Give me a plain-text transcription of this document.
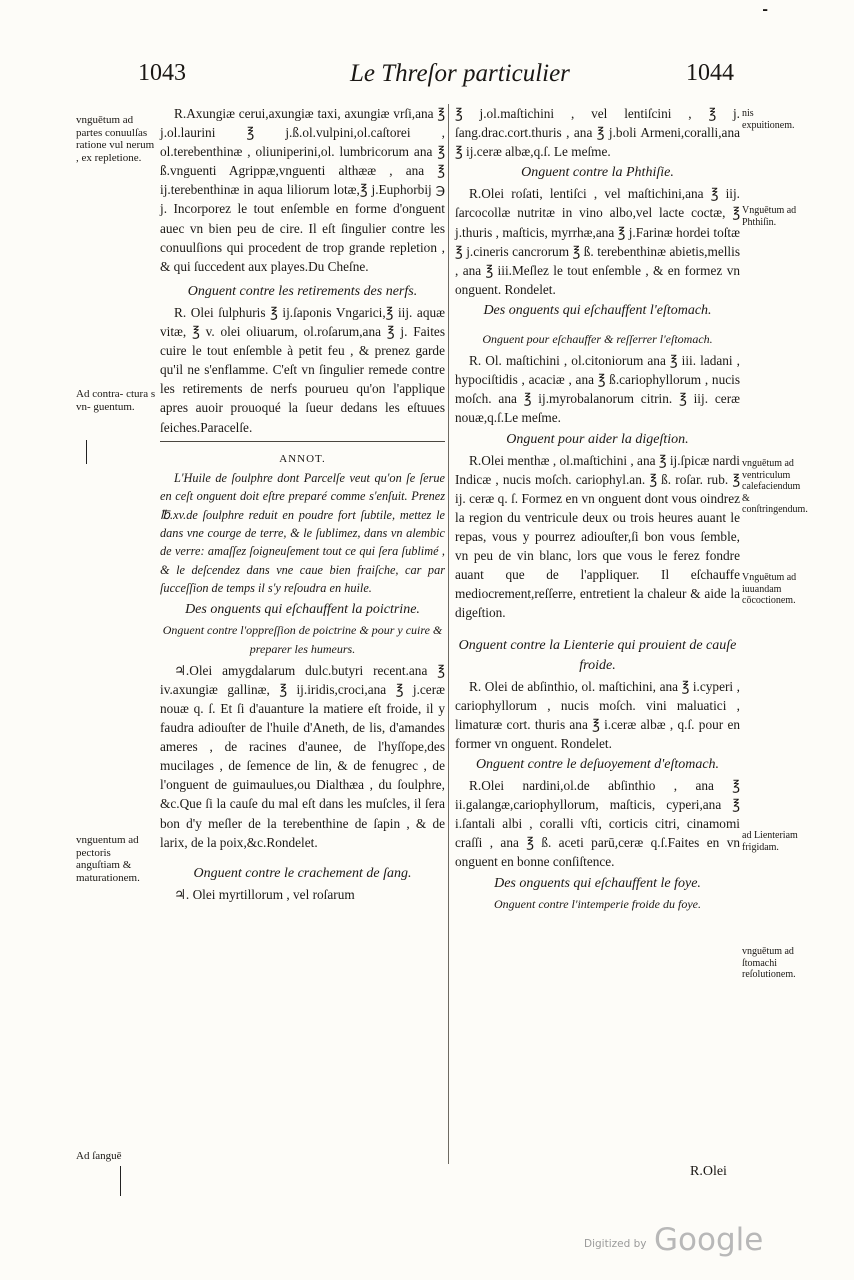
-
1043	Le Threſor particulier	1044
R.Axungiæ cerui,axungiæ taxi, axungiæ vrſi,ana ℥ j.ol.laurini ℥ j.ß.ol.vulpini,ol.caſtorei , ol.terebenthinæ , oliuniperini,ol. lumbricorum ana ℥ ß.vnguenti Agrippæ,vnguenti althææ , ana ℥ ij.terebenthinæ in aqua liliorum lotæ,℥ j.Euphorbij ℈ j. Incorporez le tout enſemble en forme d'onguent auec vn bien peu de cire. Il eſt ſingulier contre les conuulſions qui procedent de trop grande repletion , & qui ſuccedent aux playes.Du Cheſne.
Onguent contre les retirements des nerfs.
R. Olei ſulphuris ℥ ij.ſaponis Vngarici,℥ iij. aquæ vitæ, ℥ v. olei oliuarum, ol.roſarum,ana ℥ j. Faites cuire le tout enſemble à petit feu , & prenez garde qu'il ne s'enflamme. C'eſt vn ſingulier remede contre les retirements de nerfs pourueu qu'on l'applique apres auoir prouoqué la ſueur dedans les eſtuues ſeiches.Paracelſe.
ANNOT.
L'Huile de ſoulphre dont Parcelſe veut qu'on ſe ſerue en ceſt onguent doit eſtre preparé comme s'enſuit. Prenez ℔.xv.de ſoulphre reduit en poudre fort ſubtile, mettez le dans vne courge de terre, & le ſublimez, dans vn alembic de verre: amaſſez ſoigneuſement tout ce qui ſera ſublimé , & le deſcendez dans vne caue bien fraiſche, car par ſucceſſion de temps il s'y reſoudra en huile.
Des onguents qui eſchauffent la poictrine.
Onguent contre l'oppreſſion de poictrine & pour y cuire & preparer les humeurs.
♃.Olei amygdalarum dulc.butyri recent.ana ℥ iv.axungiæ gallinæ, ℥ ij.iridis,croci,ana ℥ j.ceræ nouæ q. ſ. Et ſi d'auanture la matiere eſt froide, il y faudra adiouſter de l'huile d'Aneth, de lis, d'amandes ameres , de racines d'aunee, de l'hyſſope,des mucilages , de ſemence de lin, & de fenugrec , de l'onguent de guimaulues,ou Dialthæa , du ſoulphre, &c.Que ſi la cauſe du mal eſt dans les muſcles, il ſera bon d'y meſler de la terebenthine de ſapin , & de larix, de la poix,&c.Rondelet.
Onguent contre le crachement de ſang.
♃. Olei myrtillorum , vel roſarum
℥ j.ol.maſtichini , vel lentiſcini , ℥ j. ſang.drac.cort.thuris , ana ℥ j.boli Armeni,coralli,ana ℥ ij.ceræ albæ,q.ſ. Le meſme.
Onguent contre la Phthiſie.
R.Olei roſati, lentiſci , vel maſtichini,ana ℥ iij. ſarcocollæ nutritæ in vino albo,vel lacte coctæ, ℥ j.thuris , maſticis, myrrhæ,ana ℥ j.Farinæ hordei toſtæ ℥ j.cineris cancrorum ℥ ß. terebenthinæ abietis,mellis , ana ℥ iii.Meſlez le tout enſemble , & en formez vn onguent. Rondelet.
Des onguents qui eſchauffent l'eſtomach.
Onguent pour eſchauffer & reſſerrer l'eſtomach.
R. Ol. maſtichini , ol.citoniorum ana ℥ iii. ladani , hypociſtidis , acaciæ , ana ℥ ß.cariophyllorum , nucis moſch. ana ℥ ij.myrobalanorum citrin. ℥ iij. ceræ nouæ,q.ſ.Le meſme.
Onguent pour aider la digeſtion.
R.Olei menthæ , ol.maſtichini , ana ℥ ij.ſpicæ nardi Indicæ , nucis moſch. cariophyl.an. ℥ ß. roſar. rub. ℥ ij. ceræ q. ſ. Formez en vn onguent dont vous oindrez la region du ventricule deux ou trois heures auant le repas, vous y pourrez adiouſter,ſi bon vous ſemble, vn peu de vin blanc, lors que vous le ferez fondre auant que de l'appliquer. Il eſchauffe mediocrement,reſſerre, entretient la chaleur & aide la digeſtion.
Onguent contre la Lienterie qui prouient de cauſe froide.
R. Olei de abſinthio, ol. maſtichini, ana ℥ i.cyperi , cariophyllorum , nucis moſch. vini maluatici , limaturæ cort. thuris ana ℥ i.ceræ albæ , q.ſ. pour en former vn onguent. Rondelet.
Onguent contre le deſuoyement d'eſtomach.
R.Olei nardini,ol.de abſinthio , ana ℥ ii.galangæ,cariophyllorum, maſticis, cyperi,ana ℥ i.ſantali albi , coralli vſti, corticis citri, cinamomi craſſi , ana ℥ ß. aceti parū,ceræ q.ſ.Faites en vn onguent en bonne conſiſtence.
Des onguents qui eſchauffent le foye.
Onguent contre l'intemperie froide du foye.
vnguētum ad partes conuulſas ratione vul nerum , ex repletione.
Ad contra- ctura s vn- guentum.
vnguentum ad pectoris anguſtiam & maturationem.
Ad ſanguē
nis expuitionem.
Vnguētum ad Phthiſin.
vnguētum ad ventriculum calefaciendum & conſtringendum.
Vnguētum ad iuuandam cōcoctionem.
ad Lienteriam frigidam.
vnguētum ad ſtomachi reſolutionem.
R.Olei
Digitized by Google
